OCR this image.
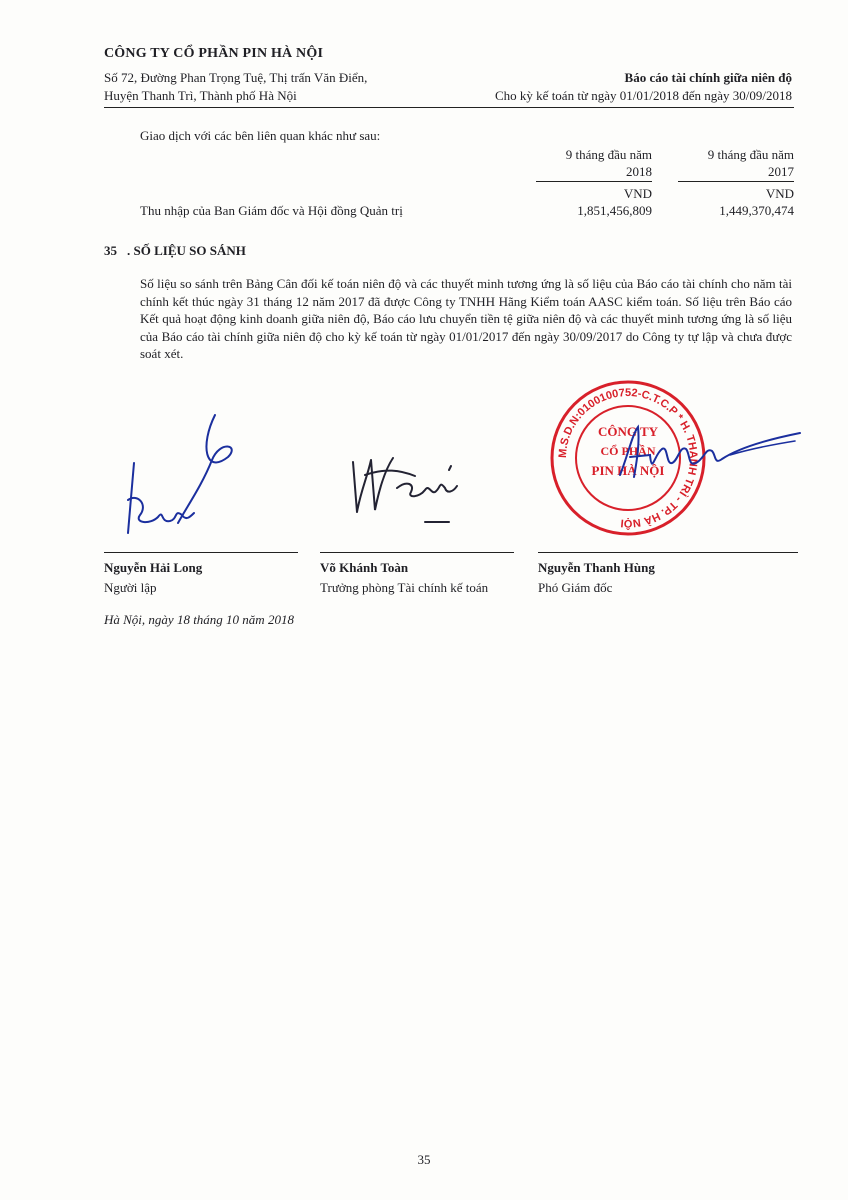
CÔNG TY CỔ PHẦN PIN HÀ NỘI
Số 72, Đường Phan Trọng Tuệ, Thị trấn Văn Điển,
Huyện Thanh Trì, Thành phố Hà Nội
Báo cáo tài chính giữa niên độ
Cho kỳ kế toán từ ngày 01/01/2018 đến ngày 30/09/2018
Giao dịch với các bên liên quan khác như sau:
9 tháng đầu năm
2018
VND
9 tháng đầu năm
2017
VND
Thu nhập của Ban Giám đốc và Hội đồng Quản trị	1,851,456,809	1,449,370,474
35 . SỐ LIỆU SO SÁNH
Số liệu so sánh trên Bảng Cân đối kế toán niên độ và các thuyết minh tương ứng là số liệu của Báo cáo tài chính cho năm tài chính kết thúc ngày 31 tháng 12 năm 2017 đã được Công ty TNHH Hãng Kiểm toán AASC kiểm toán. Số liệu trên Báo cáo Kết quả hoạt động kinh doanh giữa niên độ, Báo cáo lưu chuyển tiền tệ giữa niên độ và các thuyết minh tương ứng là số liệu của Báo cáo tài chính giữa niên độ cho kỳ kế toán từ ngày 01/01/2017 đến ngày 30/09/2017 do Công ty tự lập và chưa được soát xét.
M.S.D.N:0100100752-C.T.C.P * H. THANH TRÌ - TP. HÀ NỘI
CÔNG TY
CỔ PHẦN
PIN HÀ NỘI
Nguyễn Hải Long
Người lập
Võ Khánh Toàn
Trưởng phòng Tài chính kế toán
Nguyễn Thanh Hùng
Phó Giám đốc
Hà Nội, ngày 18 tháng 10 năm 2018
35
